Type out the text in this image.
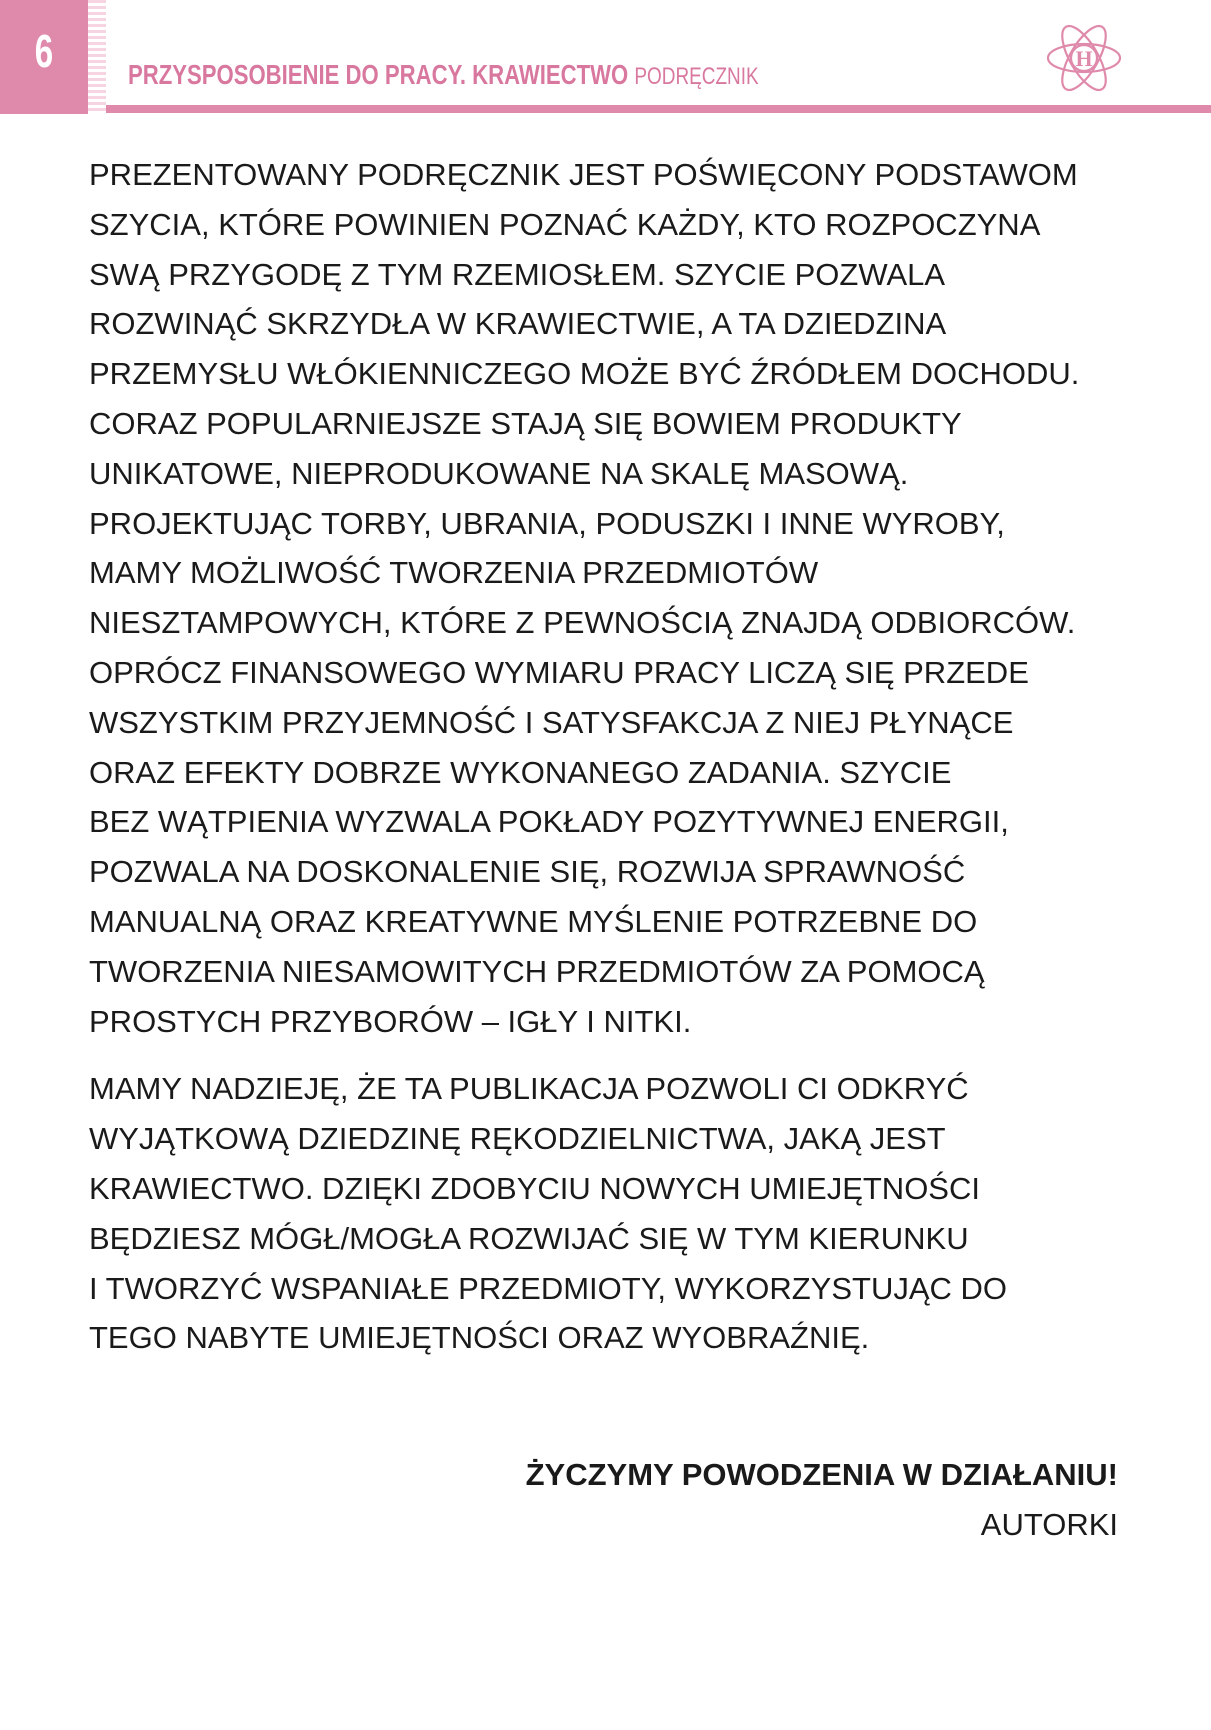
6	PRZYSPOSOBIENIE DO PRACY. KRAWIECTWO PODRĘCZNIK
H
PREZENTOWANY PODRĘCZNIK JEST POŚWIĘCONY PODSTAWOM
SZYCIA, KTÓRE POWINIEN POZNAĆ KAŻDY, KTO ROZPOCZYNA
SWĄ PRZYGODĘ Z TYM RZEMIOSŁEM. SZYCIE POZWALA
ROZWINĄĆ SKRZYDŁA W KRAWIECTWIE, A TA DZIEDZINA
PRZEMYSŁU WŁÓKIENNICZEGO MOŻE BYĆ ŹRÓDŁEM DOCHODU.
CORAZ POPULARNIEJSZE STAJĄ SIĘ BOWIEM PRODUKTY
UNIKATOWE, NIEPRODUKOWANE NA SKALĘ MASOWĄ.
PROJEKTUJĄC TORBY, UBRANIA, PODUSZKI I INNE WYROBY,
MAMY MOŻLIWOŚĆ TWORZENIA PRZEDMIOTÓW
NIESZTAMPOWYCH, KTÓRE Z PEWNOŚCIĄ ZNAJDĄ ODBIORCÓW.
OPRÓCZ FINANSOWEGO WYMIARU PRACY LICZĄ SIĘ PRZEDE
WSZYSTKIM PRZYJEMNOŚĆ I SATYSFAKCJA Z NIEJ PŁYNĄCE
ORAZ EFEKTY DOBRZE WYKONANEGO ZADANIA. SZYCIE
BEZ WĄTPIENIA WYZWALA POKŁADY POZYTYWNEJ ENERGII,
POZWALA NA DOSKONALENIE SIĘ, ROZWIJA SPRAWNOŚĆ
MANUALNĄ ORAZ KREATYWNE MYŚLENIE POTRZEBNE DO
TWORZENIA NIESAMOWITYCH PRZEDMIOTÓW ZA POMOCĄ
PROSTYCH PRZYBORÓW – IGŁY I NITKI.
MAMY NADZIEJĘ, ŻE TA PUBLIKACJA POZWOLI CI ODKRYĆ
WYJĄTKOWĄ DZIEDZINĘ RĘKODZIELNICTWA, JAKĄ JEST
KRAWIECTWO. DZIĘKI ZDOBYCIU NOWYCH UMIEJĘTNOŚCI
BĘDZIESZ MÓGŁ/MOGŁA ROZWIJAĆ SIĘ W TYM KIERUNKU
I TWORZYĆ WSPANIAŁE PRZEDMIOTY, WYKORZYSTUJĄC DO
TEGO NABYTE UMIEJĘTNOŚCI ORAZ WYOBRAŹNIĘ.
ŻYCZYMY POWODZENIA W DZIAŁANIU!
AUTORKI
